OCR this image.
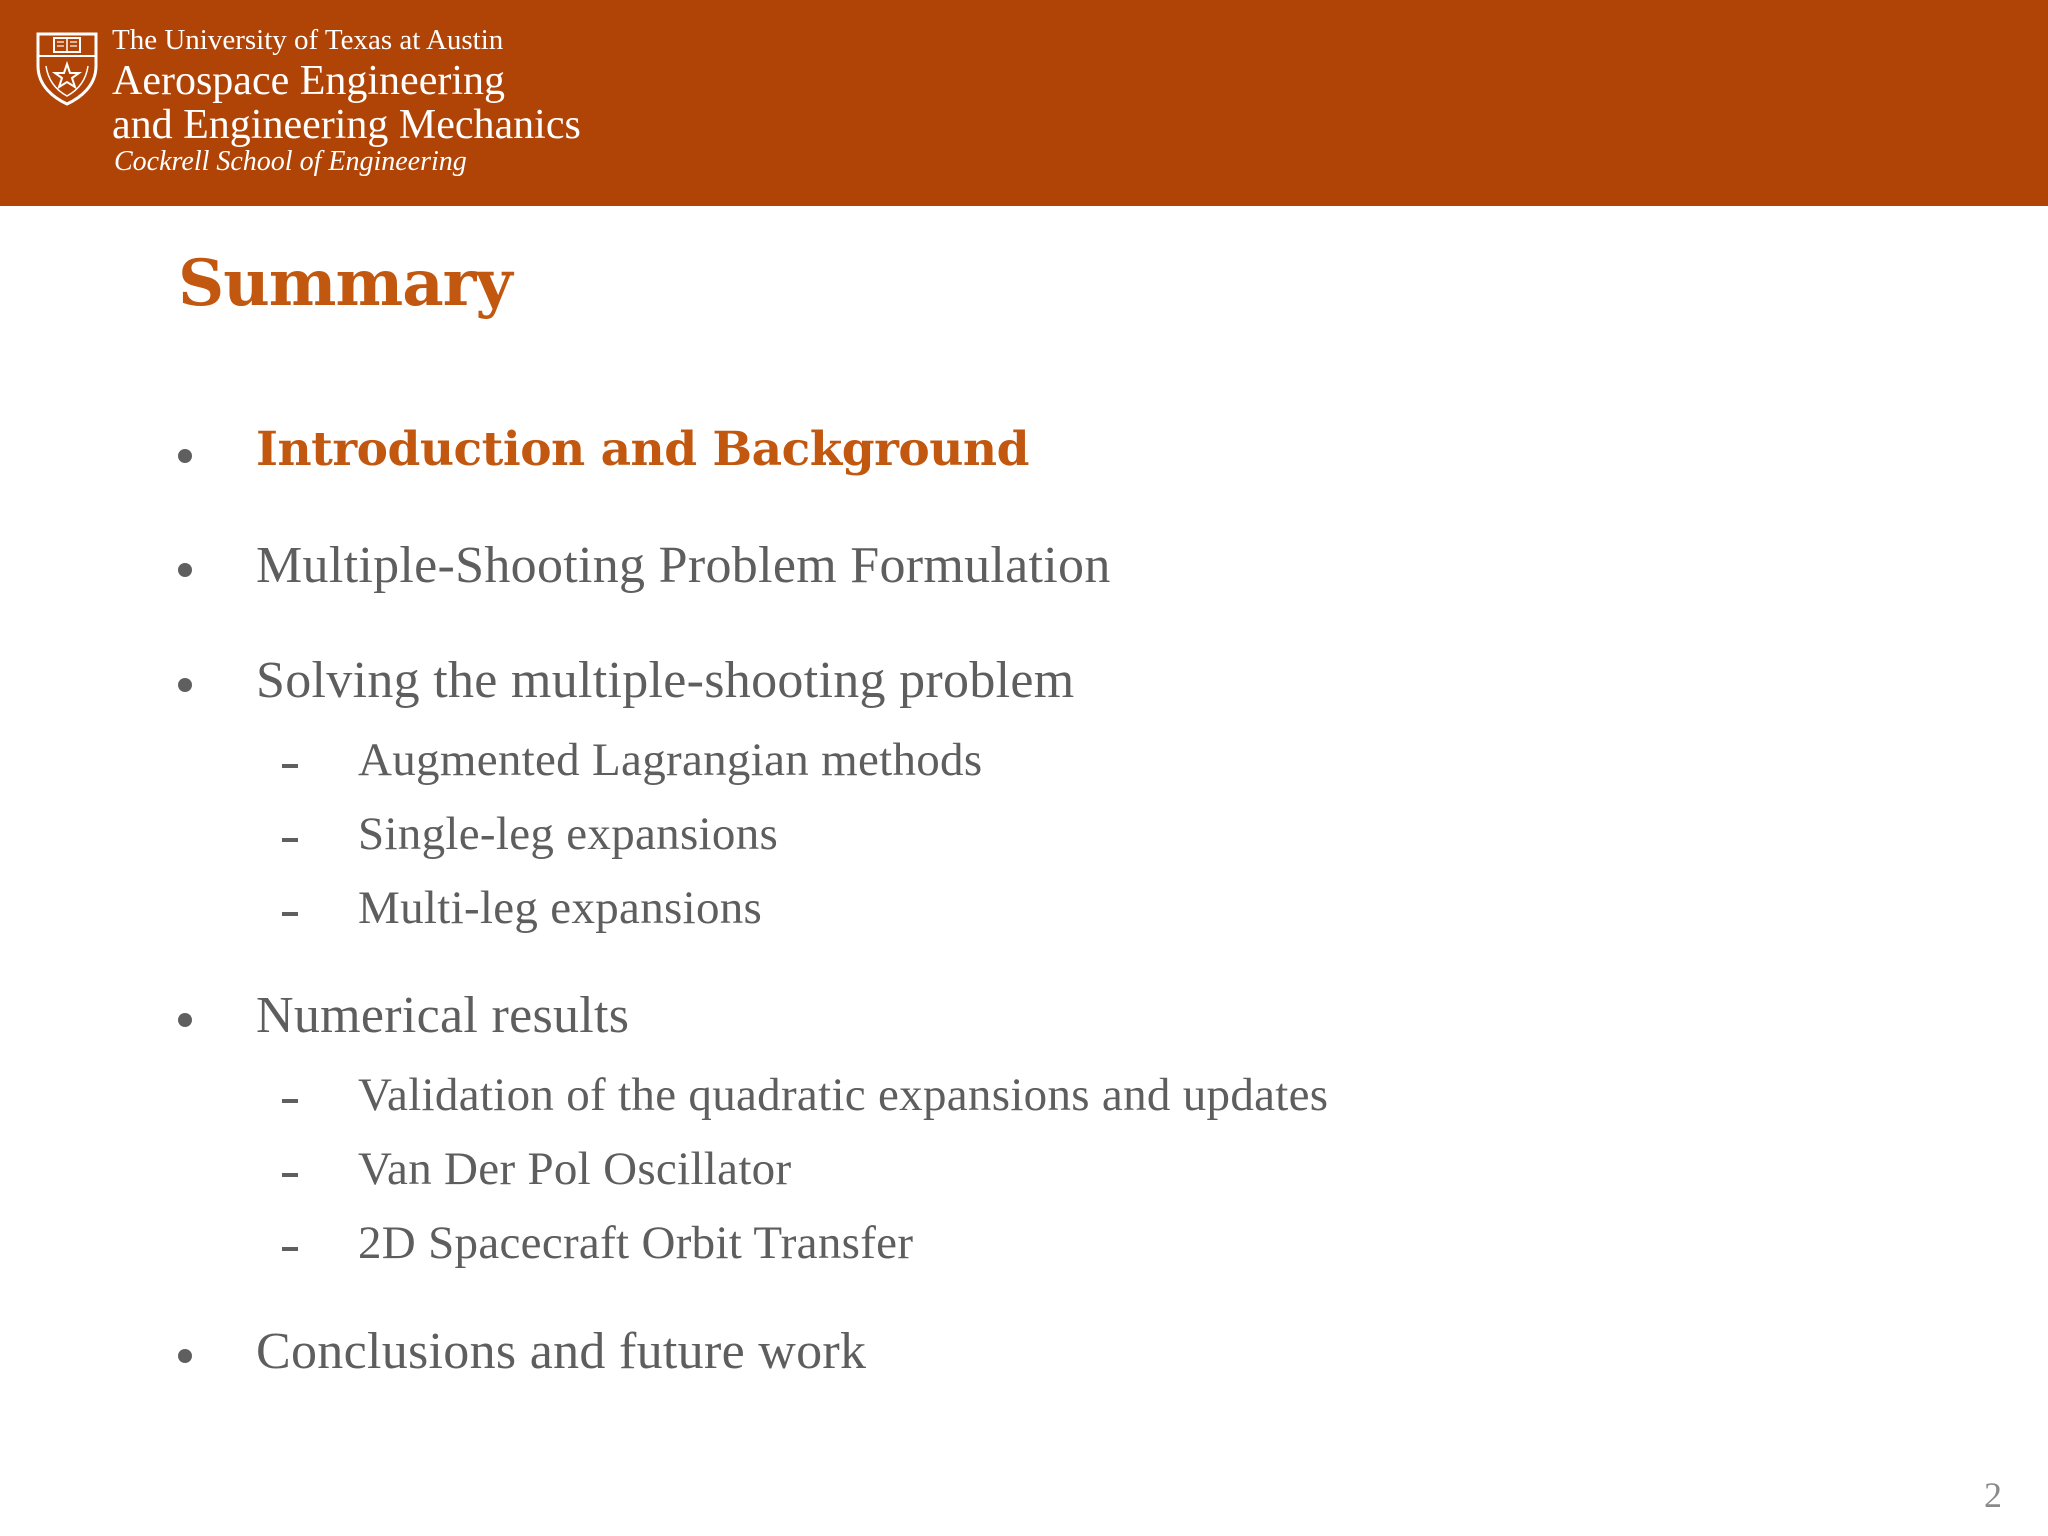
The University of Texas at Austin
Aerospace Engineering
and Engineering Mechanics
Cockrell School of Engineering
Summary
Introduction and Background
Multiple-Shooting Problem Formulation
Solving the multiple-shooting problem
Augmented Lagrangian methods
Single-leg expansions
Multi-leg expansions
Numerical results
Validation of the quadratic expansions and updates
Van Der Pol Oscillator
2D Spacecraft Orbit Transfer
Conclusions and future work
2
